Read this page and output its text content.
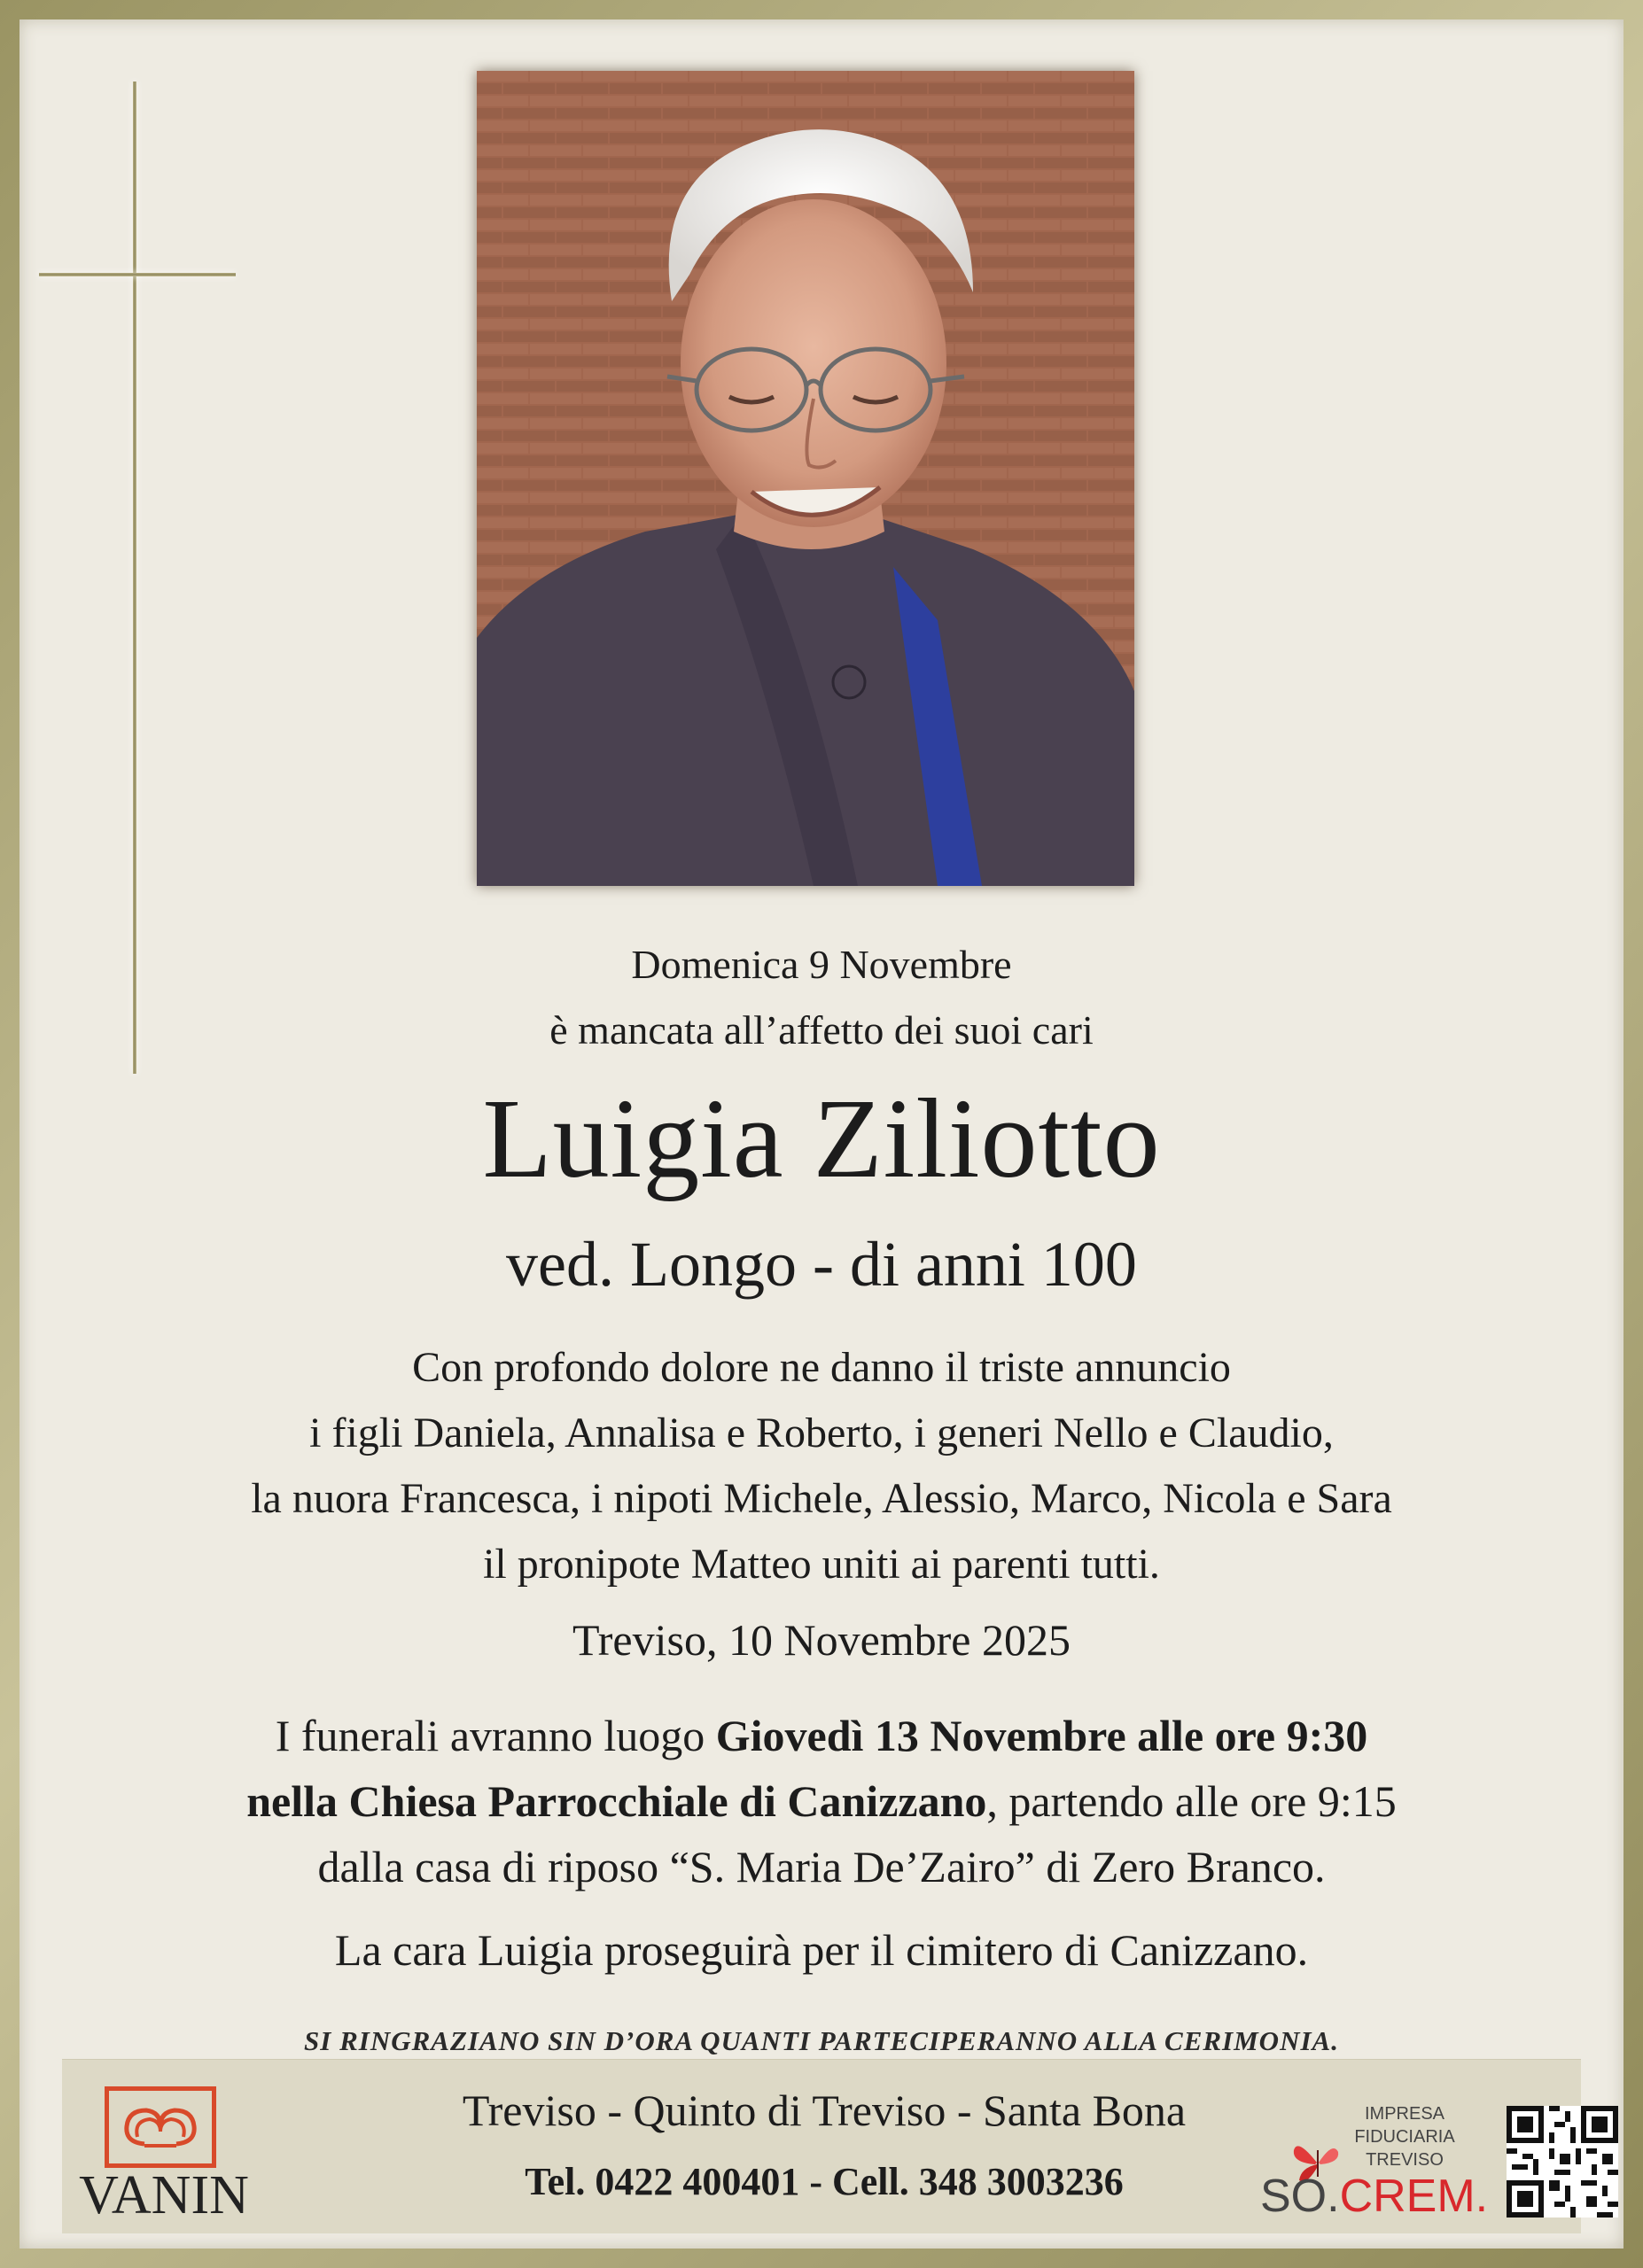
Domenica 9 Novembre
è mancata all’affetto dei suoi cari
Luigia Ziliotto
ved. Longo - di anni 100
Con profondo dolore ne danno il triste annuncio
i figli Daniela, Annalisa e Roberto, i generi Nello e Claudio,
la nuora Francesca, i nipoti Michele, Alessio, Marco, Nicola e Sara
il pronipote Matteo uniti ai parenti tutti.
Treviso, 10 Novembre 2025
I funerali avranno luogo Giovedì 13 Novembre alle ore 9:30
nella Chiesa Parrocchiale di Canizzano, partendo alle ore 9:15
dalla casa di riposo “S. Maria De’Zairo” di Zero Branco.
La cara Luigia proseguirà per il cimitero di Canizzano.
SI RINGRAZIANO SIN D’ORA QUANTI PARTECIPERANNO ALLA CERIMONIA.
VANIN
Treviso - Quinto di Treviso - Santa Bona
Tel. 0422 400401 - Cell. 348 3003236
IMPRESA
FIDUCIARIA
TREVISO
SO.CREM.
